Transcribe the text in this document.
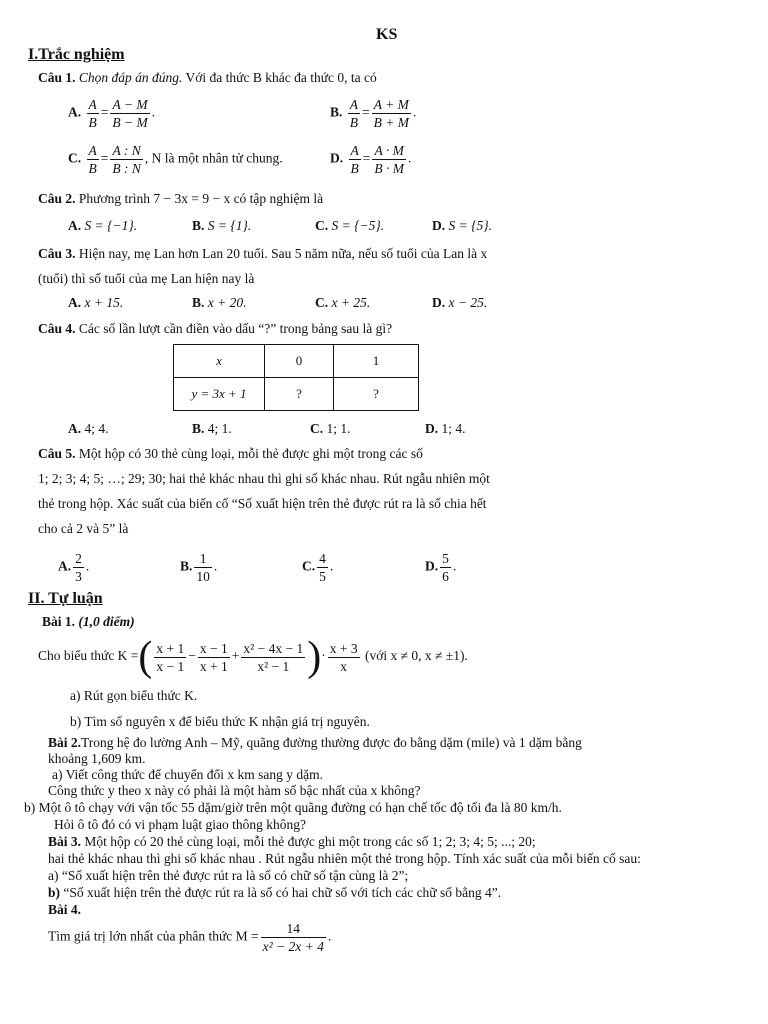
KS
I.Trắc nghiệm
Câu 1. Chọn đáp án đúng. Với đa thức B khác đa thức 0, ta có
A. $\frac{A}{B} = \frac{A - M}{B - M}$ .	B. $\frac{A}{B} = \frac{A + M}{B + M}$ .
C. $\frac{A}{B} = \frac{A : N}{B : N}$ , N là một nhân tử chung.	D. $\frac{A}{B} = \frac{A \cdot M}{B \cdot M}$ .
Câu 2. Phương trình 7 − 3x = 9 − x có tập nghiệm là
A. S = {−1}.	B. S = {1}.	C. S = {−5}.	D. S = {5}.
Câu 3. Hiện nay, mẹ Lan hơn Lan 20 tuổi. Sau 5 năm nữa, nếu số tuổi của Lan là x
(tuổi) thì số tuổi của mẹ Lan hiện nay là
A. x + 15.	B. x + 20.	C. x + 25.	D. x − 25.
Câu 4. Các số lần lượt cần điền vào dấu “?” trong bảng sau là gì?
x	0	1
y = 3x + 1	?	?
A. 4; 4.	B. 4; 1.	C. 1; 1.	D. 1; 4.
Câu 5. Một hộp có 30 thẻ cùng loại, mỗi thẻ được ghi một trong các số
1; 2; 3; 4; 5; …; 29; 30; hai thẻ khác nhau thì ghi số khác nhau. Rút ngẫu nhiên một
thẻ trong hộp. Xác suất của biến cố “Số xuất hiện trên thẻ được rút ra là số chia hết
cho cả 2 và 5” là
A. $\frac{2}{3}$ .	B. $\frac{1}{10}$ .	C. $\frac{4}{5}$ .	D. $\frac{5}{6}$ .
II. Tự luận
Bài 1. (1,0 điểm)
Cho biểu thức K =( $\frac{x + 1}{x - 1} - \frac{x - 1}{x + 1} + \frac{\text{x² − 4x − 1}}{\text{x² − 1}}$ )· $\frac{x + 3}{x}$ (với x ≠ 0, x ≠ ±1).
a) Rút gọn biểu thức K.
b) Tìm số nguyên x để biểu thức K nhận giá trị nguyên.
Bài 2.Trong hệ đo lường Anh – Mỹ, quãng đường thường được đo bằng dặm (mile) và 1 dặm bằng
khoảng 1,609 km.
a) Viết công thức để chuyển đổi x km sang y dặm.
Công thức y theo x này có phải là một hàm số bậc nhất của x không?
b) Một ô tô chạy với vận tốc 55 dặm/giờ trên một quãng đường có hạn chế tốc độ tối đa là 80 km/h.
Hỏi ô tô đó có vi phạm luật giao thông không?
Bài 3. Một hộp có 20 thẻ cùng loại, mỗi thẻ được ghi một trong các số 1; 2; 3; 4; 5; ...; 20;
hai thẻ khác nhau thì ghi số khác nhau . Rút ngẫu nhiên một thẻ trong hộp. Tính xác suất của mỗi biến cố sau:
a) “Số xuất hiện trên thẻ được rút ra là số có chữ số tận cùng là 2”;
b) “Số xuất hiện trên thẻ được rút ra là số có hai chữ số với tích các chữ số bằng 4”.
Bài 4.
Tìm giá trị lớn nhất của phân thức $M = \frac{14}{\text{x² − 2x + 4}}$ .
